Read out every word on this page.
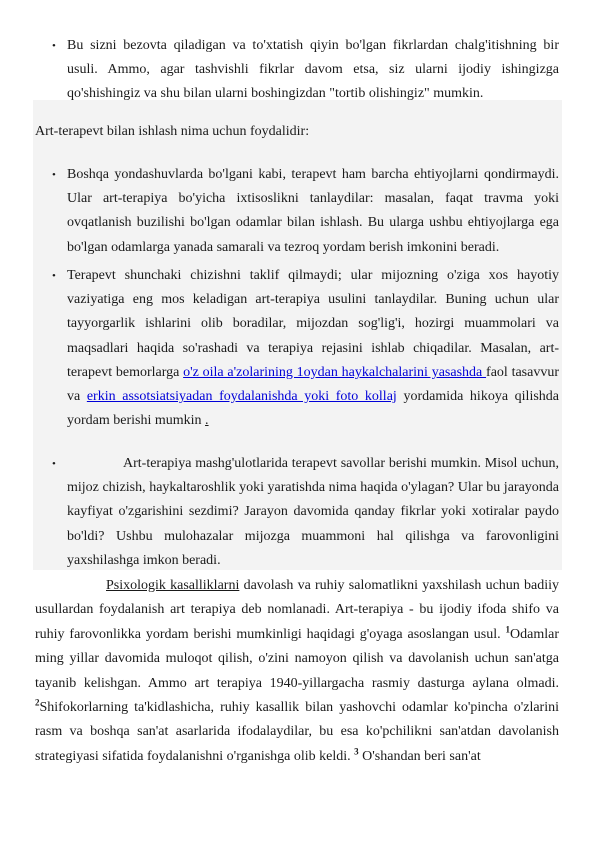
• Bu sizni bezovta qiladigan va to'xtatish qiyin bo'lgan fikrlardan chalg'itishning bir usuli. Ammo, agar tashvishli fikrlar davom etsa, siz ularni ijodiy ishingizga qo'shishingiz va shu bilan ularni boshingizdan "tortib olishingiz" mumkin.
Art-terapevt bilan ishlash nima uchun foydalidir:
• Boshqa yondashuvlarda bo'lgani kabi, terapevt ham barcha ehtiyojlarni qondirmaydi. Ular art-terapiya bo'yicha ixtisoslikni tanlaydilar: masalan, faqat travma yoki ovqatlanish buzilishi bo'lgan odamlar bilan ishlash. Bu ularga ushbu ehtiyojlarga ega bo'lgan odamlarga yanada samarali va tezroq yordam berish imkonini beradi.
• Terapevt shunchaki chizishni taklif qilmaydi; ular mijozning o'ziga xos hayotiy vaziyatiga eng mos keladigan art-terapiya usulini tanlaydilar. Buning uchun ular tayyorgarlik ishlarini olib boradilar, mijozdan sog'lig'i, hozirgi muammolari va maqsadlari haqida so'rashadi va terapiya rejasini ishlab chiqadilar. Masalan, art-terapevt bemorlarga o'z oila a'zolarining 1oydan haykalchalarini yasashda faol tasavvur va erkin assotsiatsiyadan foydalanishda yoki foto kollaj yordamida hikoya qilishda yordam berishi mumkin .
•	Art-terapiya mashg'ulotlarida terapevt savollar berishi mumkin. Misol uchun, mijoz chizish, haykaltaroshlik yoki yaratishda nima haqida o'ylagan? Ular bu jarayonda kayfiyat o'zgarishini sezdimi? Jarayon davomida qanday fikrlar yoki xotiralar paydo bo'ldi? Ushbu mulohazalar mijozga muammoni hal qilishga va farovonligini yaxshilashga imkon beradi.
Psixologik kasalliklarni davolash va ruhiy salomatlikni yaxshilash uchun badiiy usullardan foydalanish art terapiya deb nomlanadi. Art-terapiya - bu ijodiy ifoda shifo va ruhiy farovonlikka yordam berishi mumkinligi haqidagi g'oyaga asoslangan usul. $^1$Odamlar ming yillar davomida muloqot qilish, o'zini namoyon qilish va davolanish uchun san'atga tayanib kelishgan. Ammo art terapiya 1940-yillargacha rasmiy dasturga aylana olmadi. $^2$Shifokorlarning ta'kidlashicha, ruhiy kasallik bilan yashovchi odamlar ko'pincha o'zlarini rasm va boshqa san'at asarlarida ifodalaydilar, bu esa ko'pchilikni san'atdan davolanish strategiyasi sifatida foydalanishni o'rganishga olib keldi. $^3$ O'shandan beri san'at
